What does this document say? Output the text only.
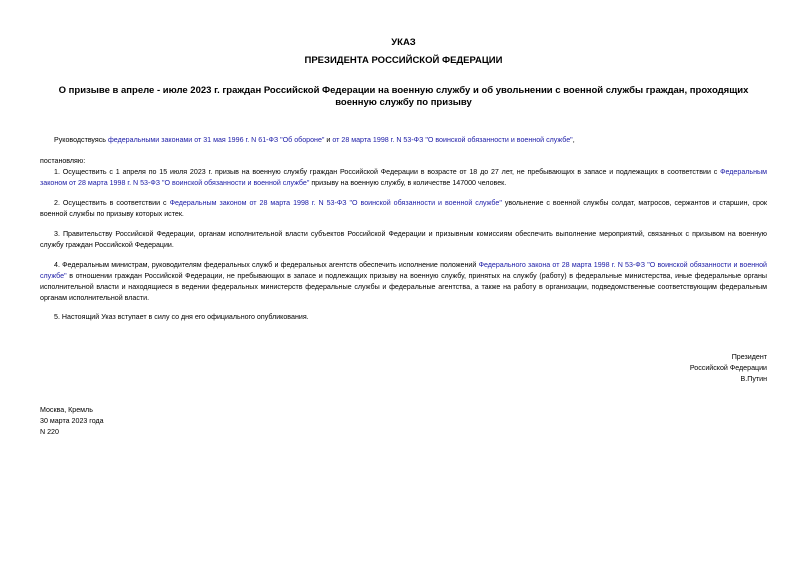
УКАЗ
ПРЕЗИДЕНТА РОССИЙСКОЙ ФЕДЕРАЦИИ
О призыве в апреле - июле 2023 г. граждан Российской Федерации на военную службу и об увольнении с военной службы граждан, проходящих военную службу по призыву
Руководствуясь федеральными законами от 31 мая 1996 г. N 61-ФЗ "Об обороне" и от 28 марта 1998 г. N 53-ФЗ "О воинской обязанности и военной службе",
постановляю:
1. Осуществить с 1 апреля по 15 июля 2023 г. призыв на военную службу граждан Российской Федерации в возрасте от 18 до 27 лет, не пребывающих в запасе и подлежащих в соответствии с Федеральным законом от 28 марта 1998 г. N 53-ФЗ "О воинской обязанности и военной службе" призыву на военную службу, в количестве 147000 человек.
2. Осуществить в соответствии с Федеральным законом от 28 марта 1998 г. N 53-ФЗ "О воинской обязанности и военной службе" увольнение с военной службы солдат, матросов, сержантов и старшин, срок военной службы по призыву которых истек.
3. Правительству Российской Федерации, органам исполнительной власти субъектов Российской Федерации и призывным комиссиям обеспечить выполнение мероприятий, связанных с призывом на военную службу граждан Российской Федерации.
4. Федеральным министрам, руководителям федеральных служб и федеральных агентств обеспечить исполнение положений Федерального закона от 28 марта 1998 г. N 53-ФЗ "О воинской обязанности и военной службе" в отношении граждан Российской Федерации, не пребывающих в запасе и подлежащих призыву на военную службу, принятых на службу (работу) в федеральные министерства, иные федеральные органы исполнительной власти и находящиеся в ведении федеральных министерств федеральные службы и федеральные агентства, а также на работу в организации, подведомственные соответствующим федеральным органам исполнительной власти.
5. Настоящий Указ вступает в силу со дня его официального опубликования.
Президент
Российской Федерации
В.Путин
Москва, Кремль
30 марта 2023 года
N 220
